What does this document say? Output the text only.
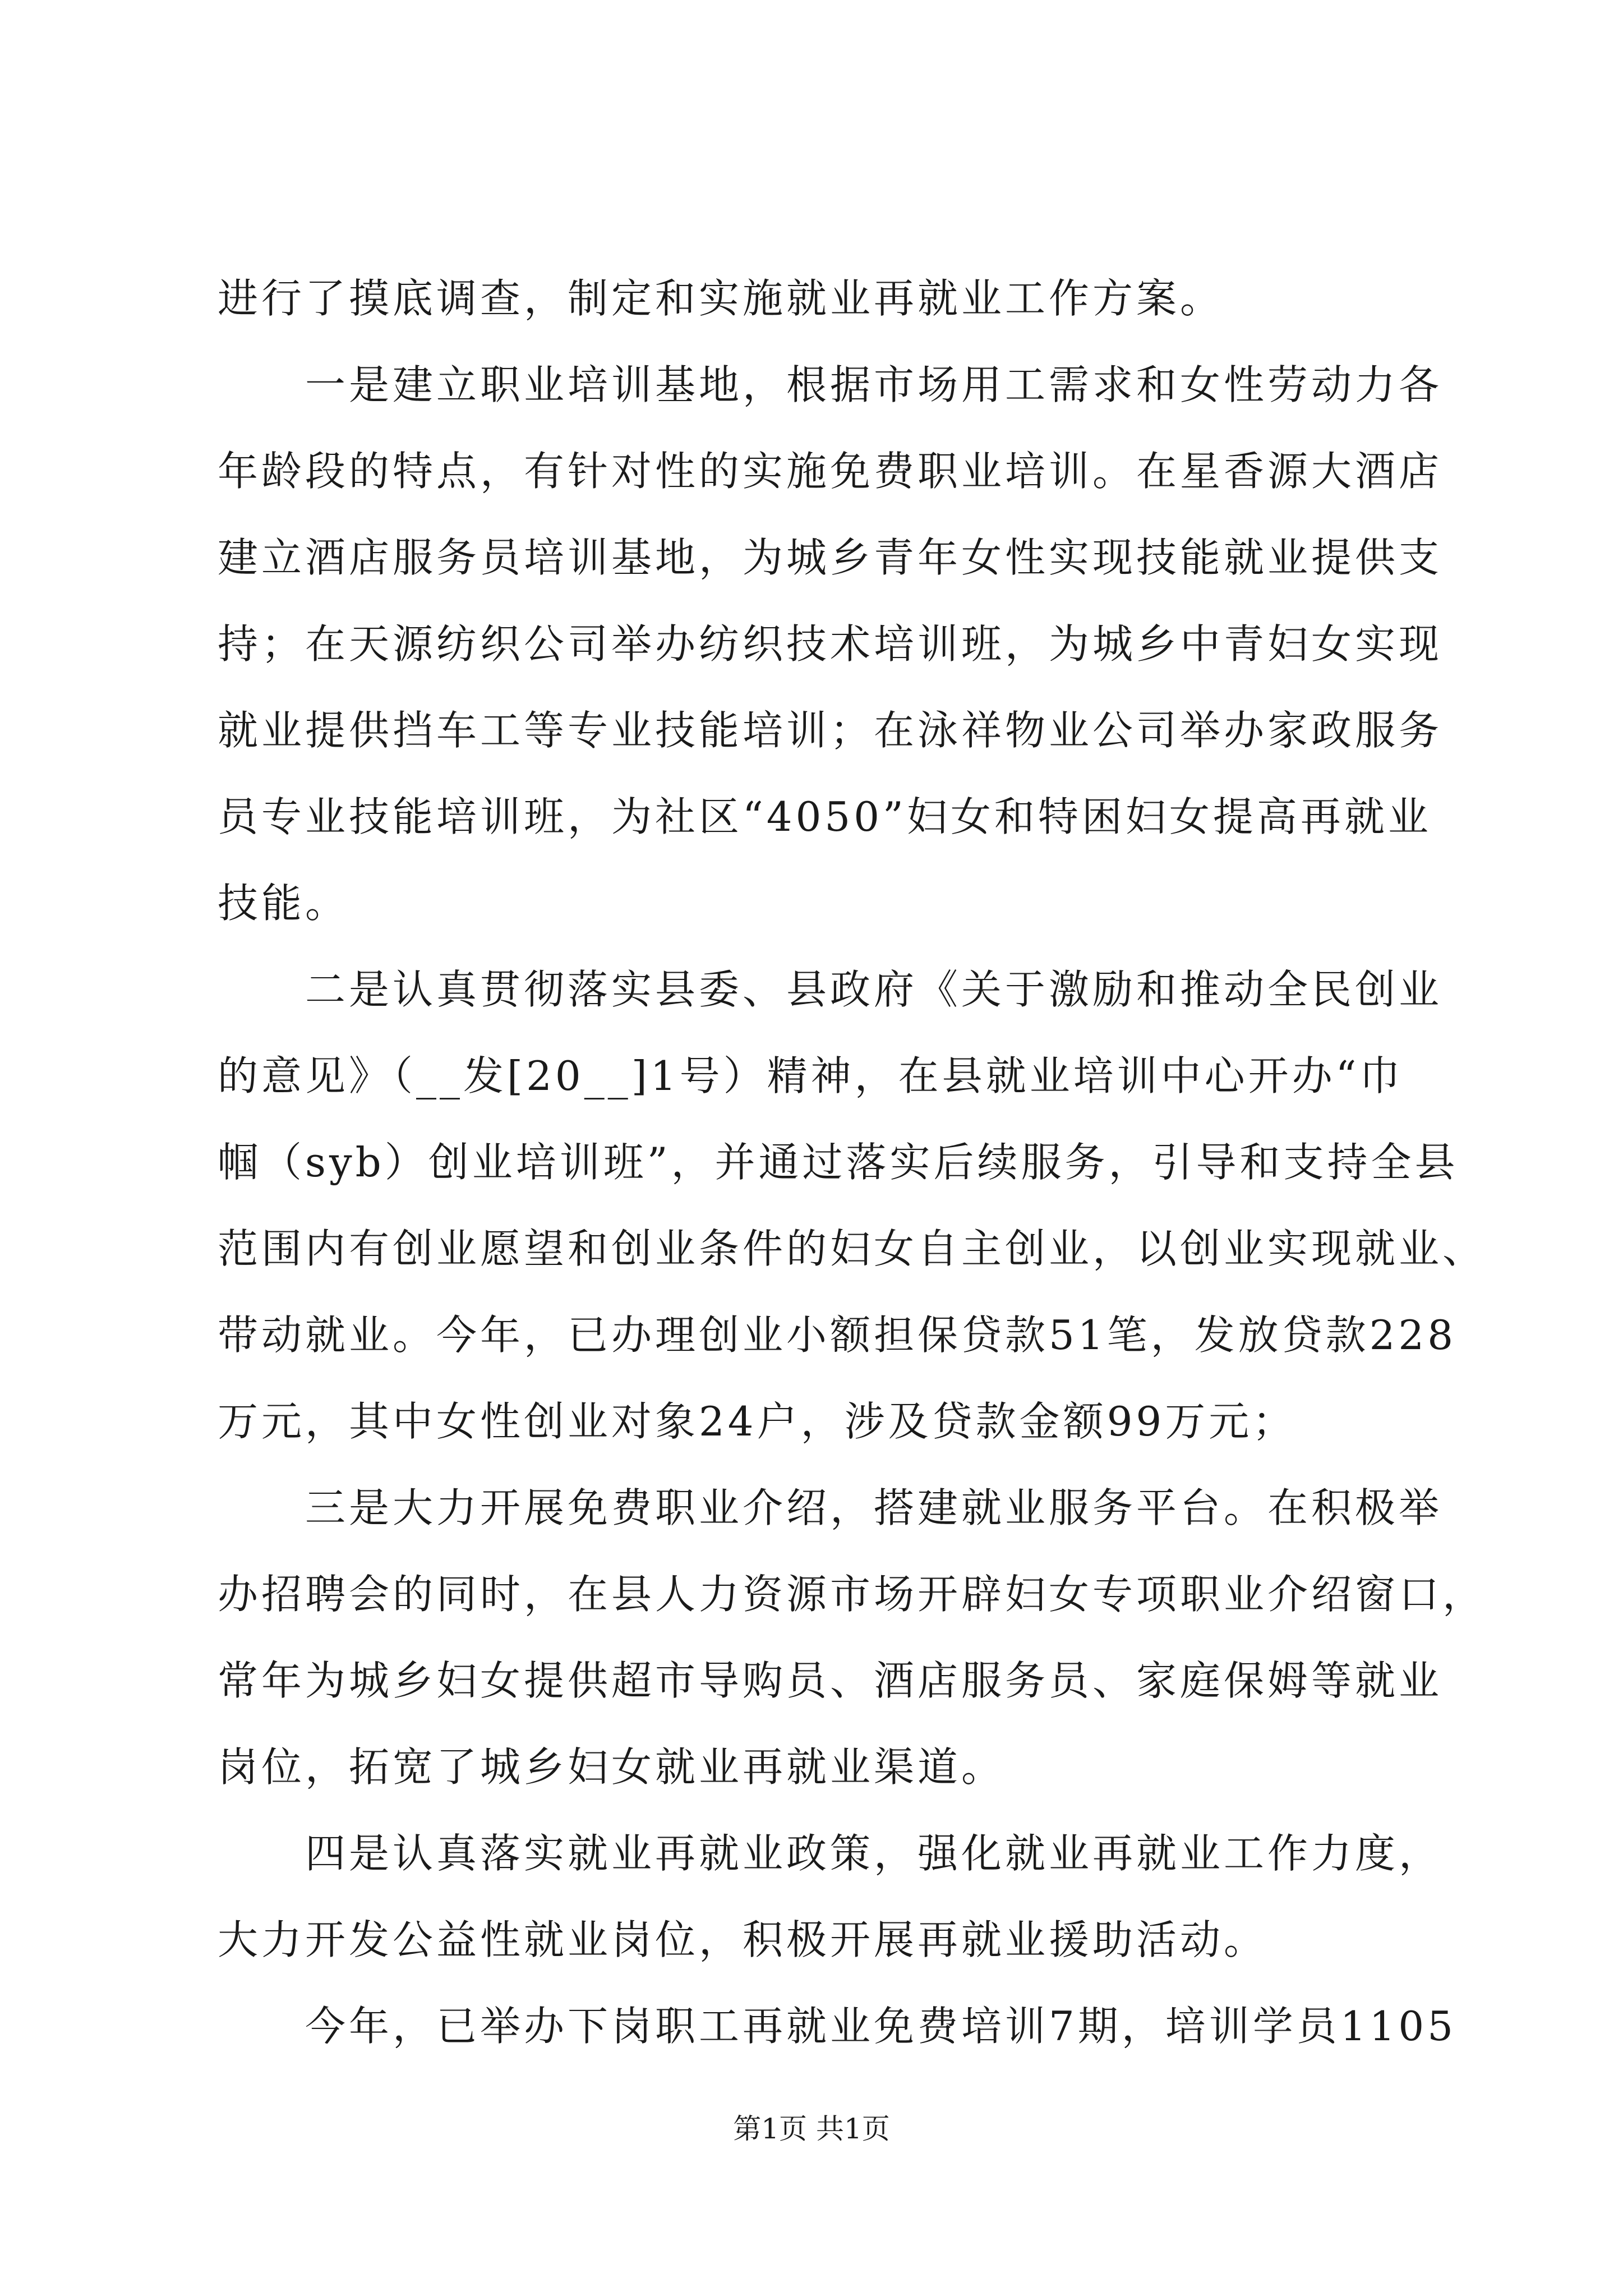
进行了摸底调查，制定和实施就业再就业工作方案。
　　一是建立职业培训基地，根据市场用工需求和女性劳动力各
年龄段的特点，有针对性的实施免费职业培训。在星香源大酒店
建立酒店服务员培训基地，为城乡青年女性实现技能就业提供支
持；在天源纺织公司举办纺织技术培训班，为城乡中青妇女实现
就业提供挡车工等专业技能培训；在泳祥物业公司举办家政服务
员专业技能培训班，为社区“4050”妇女和特困妇女提高再就业
技能。
　　二是认真贯彻落实县委、县政府《关于激励和推动全民创业
的意见》（__发[20__]1号）精神，在县就业培训中心开办“巾
帼（syb）创业培训班”，并通过落实后续服务，引导和支持全县
范围内有创业愿望和创业条件的妇女自主创业，以创业实现就业、
带动就业。今年，已办理创业小额担保贷款51笔，发放贷款228
万元，其中女性创业对象24户，涉及贷款金额99万元；
　　三是大力开展免费职业介绍，搭建就业服务平台。在积极举
办招聘会的同时，在县人力资源市场开辟妇女专项职业介绍窗口，
常年为城乡妇女提供超市导购员、酒店服务员、家庭保姆等就业
岗位，拓宽了城乡妇女就业再就业渠道。
　　四是认真落实就业再就业政策，强化就业再就业工作力度，
大力开发公益性就业岗位，积极开展再就业援助活动。
　　今年，已举办下岗职工再就业免费培训7期，培训学员1105
第1页 共1页
